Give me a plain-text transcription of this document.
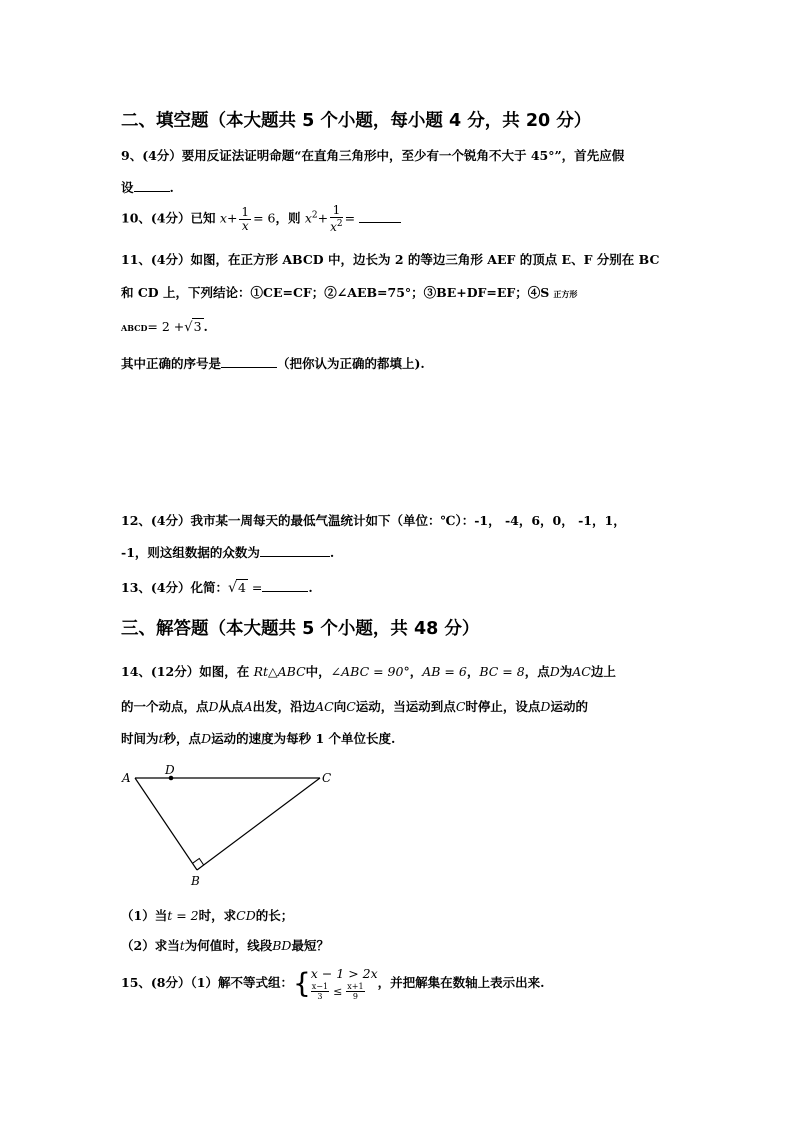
二、填空题（本大题共 5 个小题，每小题 4 分，共 20 分）
9、(4分）要用反证法证明命题“在直角三角形中，至少有一个锐角不大于 45°”，首先应假
设	.
10、(4分）已知 $x+ \frac{1}{x} = 6$，则 $x^2+ \frac{1}{x^2}$ =
11、(4分）如图，在正方形 ABCD 中，边长为 2 的等边三角形 AEF 的顶点 E、F 分别在 BC
和 CD 上，下列结论：①CE=CF；②∠AEB=75°；③BE+DF=EF；④S 正方形
ABCD= 2 +√3 .
其中正确的序号是	（把你认为正确的都填上).
12、(4分）我市某一周每天的最低气温统计如下（单位：℃）：-1， -4，6，0， -1，1，
-1，则这组数据的众数为	.
13、(4分）化简：√4 =	.
三、解答题（本大题共 5 个小题，共 48 分）
14、(12分）如图，在 Rt△ABC中，∠ABC = 90°，AB = 6，BC = 8，点D为AC边上
的一个动点，点D从点A出发，沿边AC向C运动，当运动到点C时停止，设点D运动的
时间为t秒，点D运动的速度为每秒 1 个单位长度.
A
D
C
B
（1）当t = 2时，求CD的长；
（2）求当t为何值时，线段BD最短？
15、(8分）（1）解不等式组：{ x − 1 > 2x
$\frac{x-1}{3} \le \frac{x+1}{9}$ ，并把解集在数轴上表示出来.
